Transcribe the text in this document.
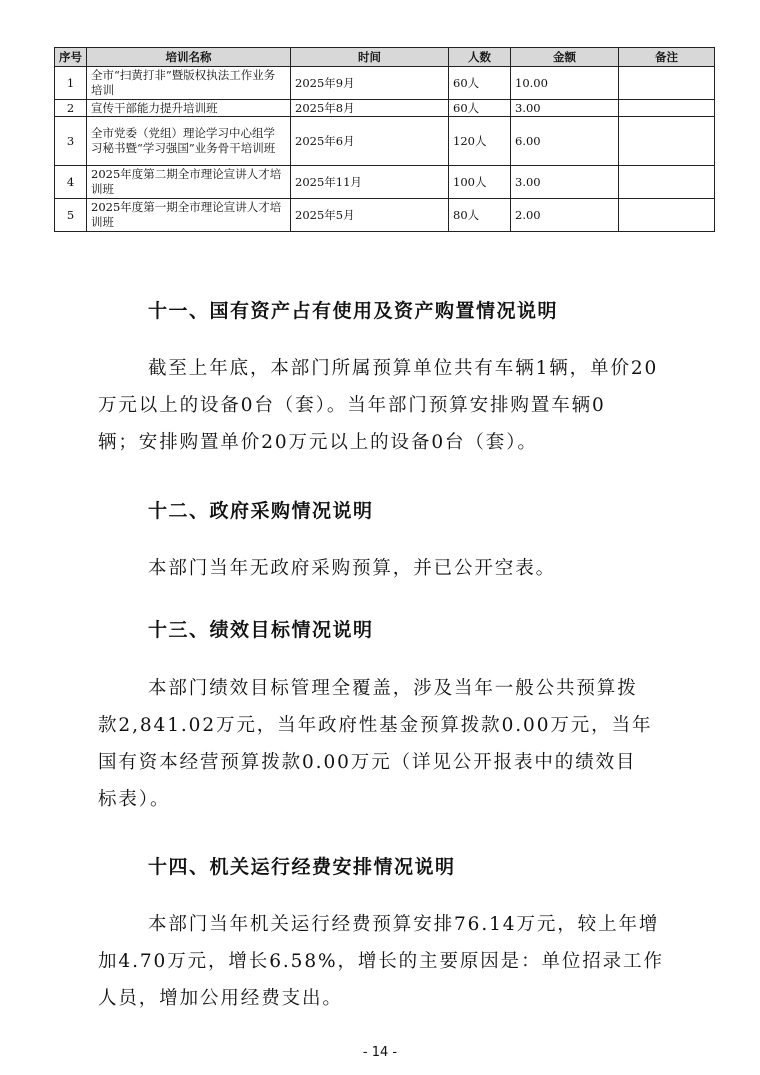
序号	培训名称	时间	人数	金额	备注
1	全市“扫黄打非”暨版权执法工作业务培训	2025年9月	60人	10.00	
2	宣传干部能力提升培训班	2025年8月	60人	3.00	
3	全市党委（党组）理论学习中心组学习秘书暨“学习强国”业务骨干培训班	2025年6月	120人	6.00	
4	2025年度第二期全市理论宣讲人才培训班	2025年11月	100人	3.00	
5	2025年度第一期全市理论宣讲人才培训班	2025年5月	80人	2.00	
十一、国有资产占有使用及资产购置情况说明

截至上年底，本部门所属预算单位共有车辆1辆，单价20
万元以上的设备0台（套）。当年部门预算安排购置车辆0
辆；安排购置单价20万元以上的设备0台（套）。

十二、政府采购情况说明

本部门当年无政府采购预算，并已公开空表。

十三、绩效目标情况说明

本部门绩效目标管理全覆盖，涉及当年一般公共预算拨
款2,841.02万元，当年政府性基金预算拨款0.00万元，当年
国有资本经营预算拨款0.00万元（详见公开报表中的绩效目
标表）。

十四、机关运行经费安排情况说明

本部门当年机关运行经费预算安排76.14万元，较上年增
加4.70万元，增长6.58%，增长的主要原因是：单位招录工作
人员，增加公用经费支出。

- 14 -
